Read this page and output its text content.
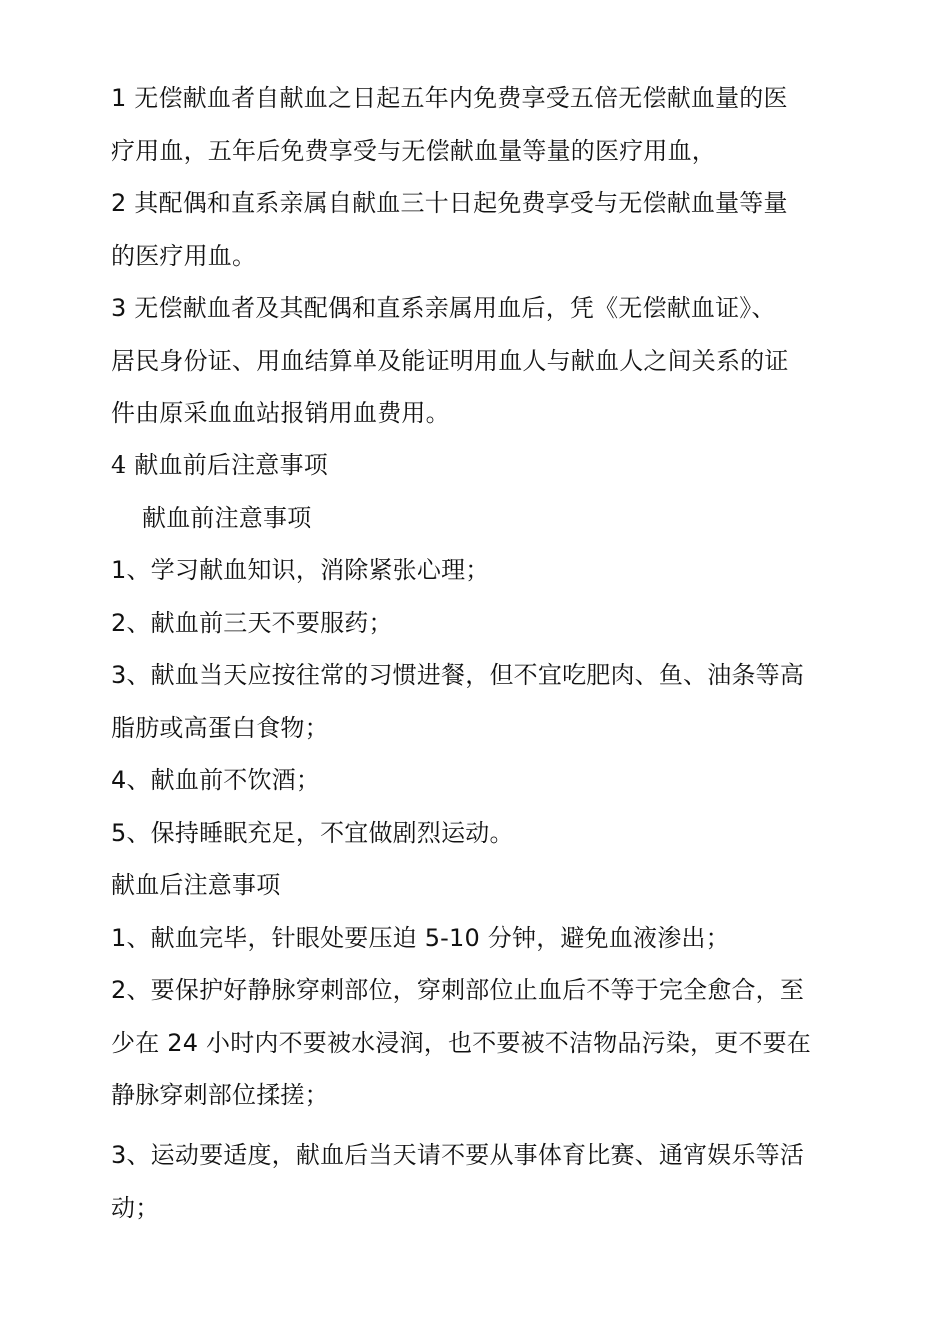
1 无偿献血者自献血之日起五年内免费享受五倍无偿献血量的医
疗用血，五年后免费享受与无偿献血量等量的医疗用血，
2 其配偶和直系亲属自献血三十日起免费享受与无偿献血量等量
的医疗用血。
3 无偿献血者及其配偶和直系亲属用血后，凭《无偿献血证》、
居民身份证、用血结算单及能证明用血人与献血人之间关系的证
件由原采血血站报销用血费用。
4 献血前后注意事项
献血前注意事项
1、学习献血知识，消除紧张心理；
2、献血前三天不要服药；
3、献血当天应按往常的习惯进餐，但不宜吃肥肉、鱼、油条等高
脂肪或高蛋白食物；
4、献血前不饮酒；
5、保持睡眠充足，不宜做剧烈运动。
献血后注意事项
1、献血完毕，针眼处要压迫 5-10 分钟，避免血液渗出；
2、要保护好静脉穿刺部位，穿刺部位止血后不等于完全愈合，至
少在 24 小时内不要被水浸润，也不要被不洁物品污染，更不要在
静脉穿刺部位揉搓；
3、运动要适度，献血后当天请不要从事体育比赛、通宵娱乐等活
动；
